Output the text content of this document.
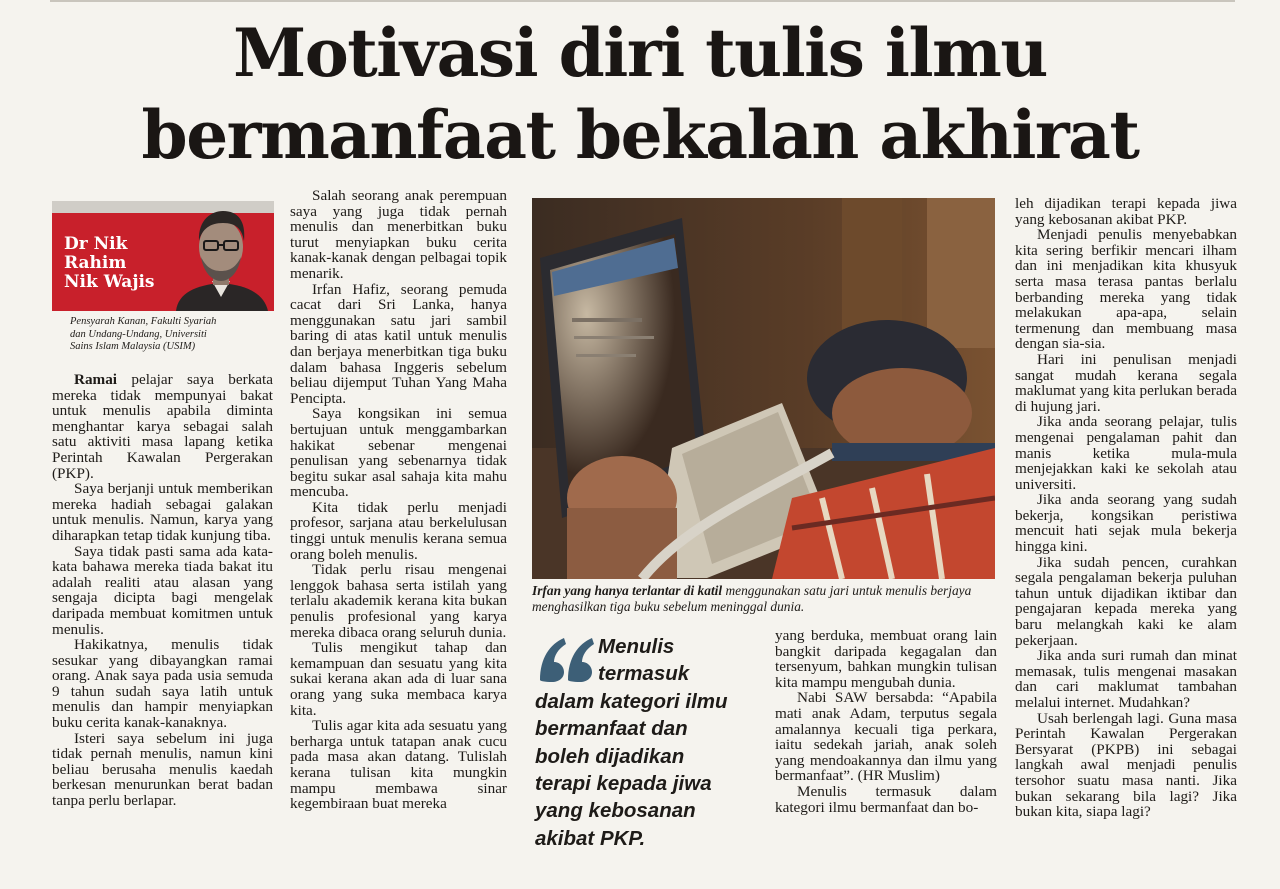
Motivasi diri tulis ilmu
bermanfaat bekalan akhirat
Dr Nik
Rahim
Nik Wajis
Pensyarah Kanan, Fakulti Syariah
dan Undang-Undang, Universiti
Sains Islam Malaysia (USIM)

Ramai pelajar saya berkata mereka tidak mempunyai bakat untuk menulis apabila diminta menghantar karya sebagai salah satu aktiviti masa lapang ketika Perintah Kawalan Pergerakan (PKP).

Saya berjanji untuk memberikan mereka hadiah sebagai galakan untuk menulis. Namun, karya yang diharapkan tetap tidak kunjung tiba.

Saya tidak pasti sama ada kata-kata bahawa mereka tiada bakat itu adalah realiti atau alasan yang sengaja dicipta bagi mengelak daripada membuat komitmen untuk menulis.

Hakikatnya, menulis tidak sesukar yang dibayangkan ramai orang. Anak saya pada usia semuda 9 tahun sudah saya latih untuk menulis dan hampir menyiapkan buku cerita kanak-kanaknya.

Isteri saya sebelum ini juga tidak pernah menulis, namun kini beliau berusaha menulis kaedah berkesan menurunkan berat badan tanpa perlu berlapar.

Salah seorang anak perempuan saya yang juga tidak pernah menulis dan menerbitkan buku turut menyiapkan buku cerita kanak-kanak dengan pelbagai topik menarik.

Irfan Hafiz, seorang pemuda cacat dari Sri Lanka, hanya menggunakan satu jari sambil baring di atas katil untuk menulis dan berjaya menerbitkan tiga buku dalam bahasa Inggeris sebelum beliau dijemput Tuhan Yang Maha Pencipta.

Saya kongsikan ini semua bertujuan untuk menggambarkan hakikat sebenar mengenai penulisan yang sebenarnya tidak begitu sukar asal sahaja kita mahu mencuba.

Kita tidak perlu menjadi profesor, sarjana atau berkelulusan tinggi untuk menulis kerana semua orang boleh menulis.

Tidak perlu risau mengenai lenggok bahasa serta istilah yang terlalu akademik kerana kita bukan penulis profesional yang karya mereka dibaca orang seluruh dunia.

Tulis mengikut tahap dan kemampuan dan sesuatu yang kita sukai kerana akan ada di luar sana orang yang suka membaca karya kita.

Tulis agar kita ada sesuatu yang berharga untuk tatapan anak cucu pada masa akan datang. Tulislah kerana tulisan kita mungkin mampu membawa sinar kegembiraan buat mereka

Irfan yang hanya terlantar di katil menggunakan satu jari untuk menulis berjaya menghasilkan tiga buku sebelum meninggal dunia.
Menulis
termasuk
dalam kategori ilmu
bermanfaat dan
boleh dijadikan
terapi kepada jiwa
yang kebosanan
akibat PKP.

yang berduka, membuat orang lain bangkit daripada kegagalan dan tersenyum, bahkan mungkin tulisan kita mampu mengubah dunia.

Nabi SAW bersabda: “Apabila mati anak Adam, terputus segala amalannya kecuali tiga perkara, iaitu sedekah jariah, anak soleh yang mendoakannya dan ilmu yang bermanfaat”. (HR Muslim)

Menulis termasuk dalam kategori ilmu bermanfaat dan bo-

leh dijadikan terapi kepada jiwa yang kebosanan akibat PKP.

Menjadi penulis menyebabkan kita sering berfikir mencari ilham dan ini menjadikan kita khusyuk serta masa terasa pantas berlalu berbanding mereka yang tidak melakukan apa-apa, selain termenung dan membuang masa dengan sia-sia.

Hari ini penulisan menjadi sangat mudah kerana segala maklumat yang kita perlukan berada di hujung jari.

Jika anda seorang pelajar, tulis mengenai pengalaman pahit dan manis ketika mula-mula menjejakkan kaki ke sekolah atau universiti.

Jika anda seorang yang sudah bekerja, kongsikan peristiwa mencuit hati sejak mula bekerja hingga kini.

Jika sudah pencen, curahkan segala pengalaman bekerja puluhan tahun untuk dijadikan iktibar dan pengajaran kepada mereka yang baru melangkah kaki ke alam pekerjaan.

Jika anda suri rumah dan minat memasak, tulis mengenai masakan dan cari maklumat tambahan melalui internet. Mudahkan?

Usah berlengah lagi. Guna masa Perintah Kawalan Pergerakan Bersyarat (PKPB) ini sebagai langkah awal menjadi penulis tersohor suatu masa nanti. Jika bukan sekarang bila lagi? Jika bukan kita, siapa lagi?
